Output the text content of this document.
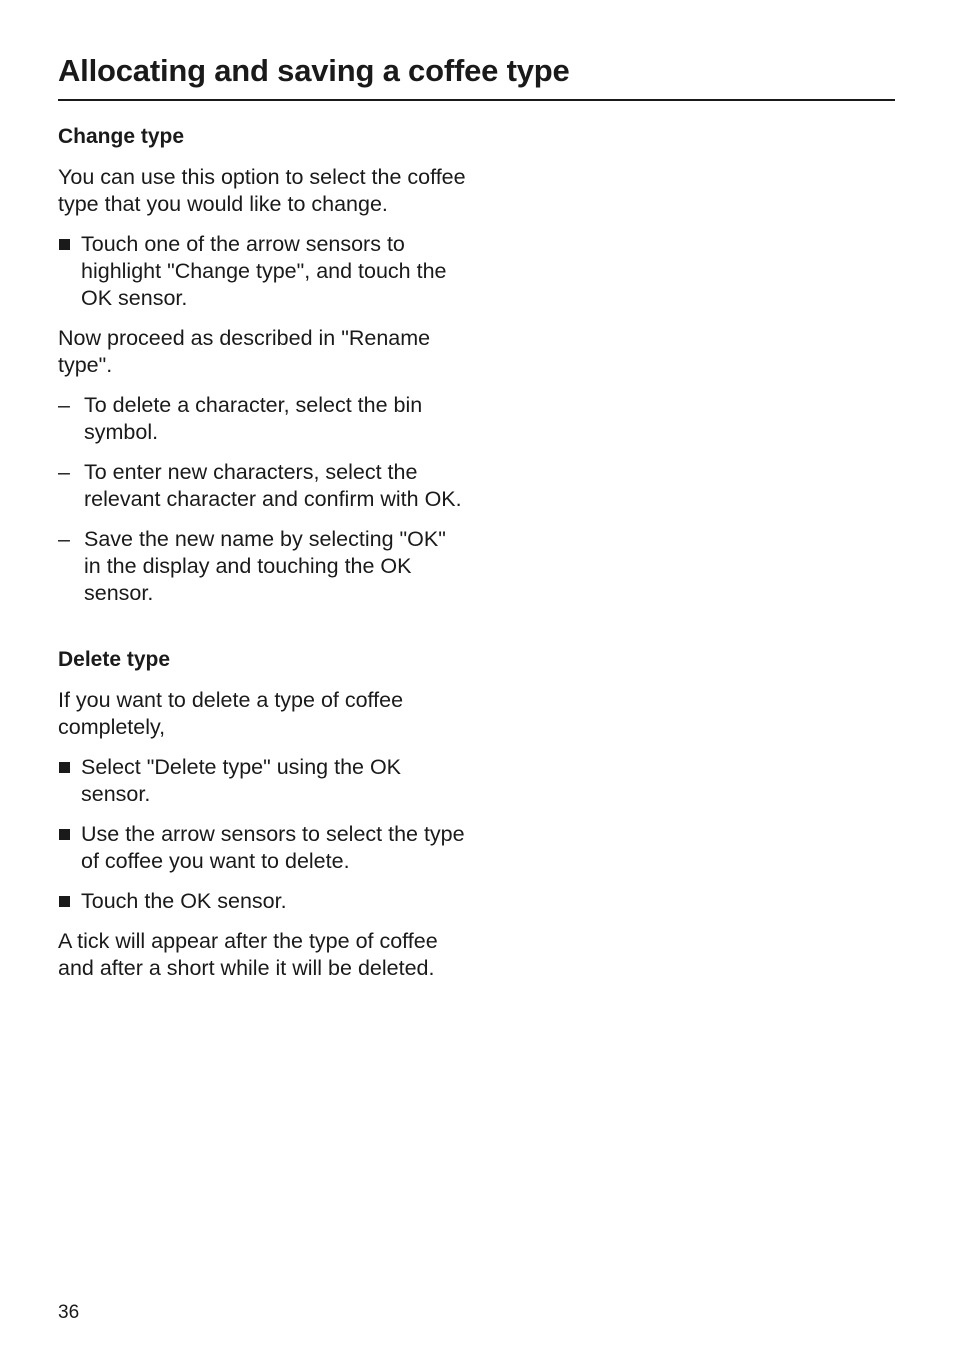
Allocating and saving a coffee type
Change type

You can use this option to select the coffee type that you would like to change.

Touch one of the arrow sensors to highlight "Change type", and touch the OK sensor.

Now proceed as described in "Rename type".

– To delete a character, select the bin symbol.
– To enter new characters, select the relevant character and confirm with OK.
– Save the new name by selecting "OK" in the display and touching the OK sensor.
Delete type

If you want to delete a type of coffee completely,

Select "Delete type" using the OK sensor.
Use the arrow sensors to select the type of coffee you want to delete.
Touch the OK sensor.

A tick will appear after the type of coffee and after a short while it will be deleted.

36
